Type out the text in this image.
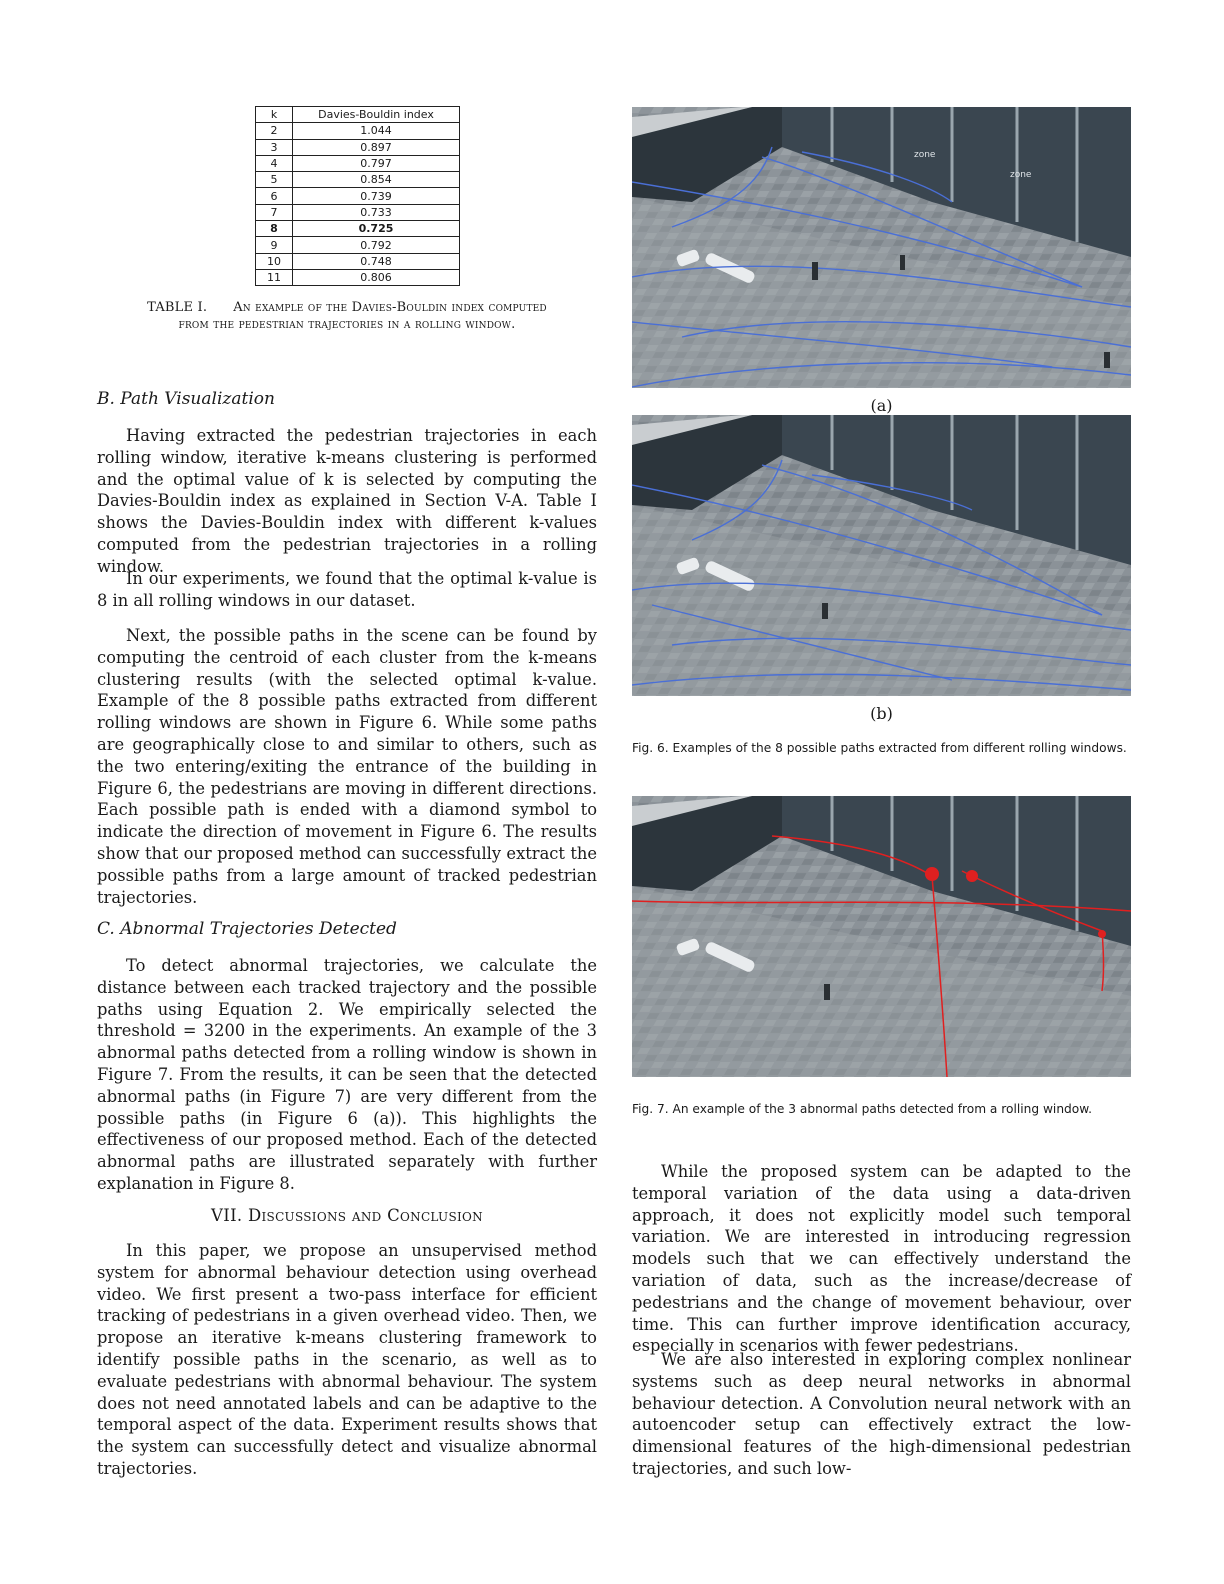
k	Davies-Bouldin index
2	1.044
3	0.897
4	0.797
5	0.854
6	0.739
7	0.733
8	0.725
9	0.792
10	0.748
11	0.806
TABLE I. An example of the Davies-Bouldin index computed
from the pedestrian trajectories in a rolling window.
B. Path Visualization

Having extracted the pedestrian trajectories in each rolling window, iterative k-means clustering is performed and the optimal value of k is selected by computing the Davies-Bouldin index as explained in Section V-A. Table I shows the Davies-Bouldin index with different k-values computed from the pedestrian trajectories in a rolling window.

In our experiments, we found that the optimal k-value is 8 in all rolling windows in our dataset.

Next, the possible paths in the scene can be found by computing the centroid of each cluster from the k-means clustering results (with the selected optimal k-value. Example of the 8 possible paths extracted from different rolling windows are shown in Figure 6. While some paths are geographically close to and similar to others, such as the two entering/exiting the entrance of the building in Figure 6, the pedestrians are moving in different directions. Each possible path is ended with a diamond symbol to indicate the direction of movement in Figure 6. The results show that our proposed method can successfully extract the possible paths from a large amount of tracked pedestrian trajectories.

C. Abnormal Trajectories Detected

To detect abnormal trajectories, we calculate the distance between each tracked trajectory and the possible paths using Equation 2. We empirically selected the threshold = 3200 in the experiments. An example of the 3 abnormal paths detected from a rolling window is shown in Figure 7. From the results, it can be seen that the detected abnormal paths (in Figure 7) are very different from the possible paths (in Figure 6 (a)). This highlights the effectiveness of our proposed method. Each of the detected abnormal paths are illustrated separately with further explanation in Figure 8.

VII. Discussions and Conclusion

In this paper, we propose an unsupervised method system for abnormal behaviour detection using overhead video. We first present a two-pass interface for efficient tracking of pedestrians in a given overhead video. Then, we propose an iterative k-means clustering framework to identify possible paths in the scenario, as well as to evaluate pedestrians with abnormal behaviour. The system does not need annotated labels and can be adaptive to the temporal aspect of the data. Experiment results shows that the system can successfully detect and visualize abnormal trajectories.

zone
zone
(a)
(b)
Fig. 6. Examples of the 8 possible paths extracted from different rolling windows.
Fig. 7. An example of the 3 abnormal paths detected from a rolling window.

While the proposed system can be adapted to the temporal variation of the data using a data-driven approach, it does not explicitly model such temporal variation. We are interested in introducing regression models such that we can effectively understand the variation of data, such as the increase/decrease of pedestrians and the change of movement behaviour, over time. This can further improve identification accuracy, especially in scenarios with fewer pedestrians.

We are also interested in exploring complex nonlinear systems such as deep neural networks in abnormal behaviour detection. A Convolution neural network with an autoencoder setup can effectively extract the low-dimensional features of the high-dimensional pedestrian trajectories, and such low-
